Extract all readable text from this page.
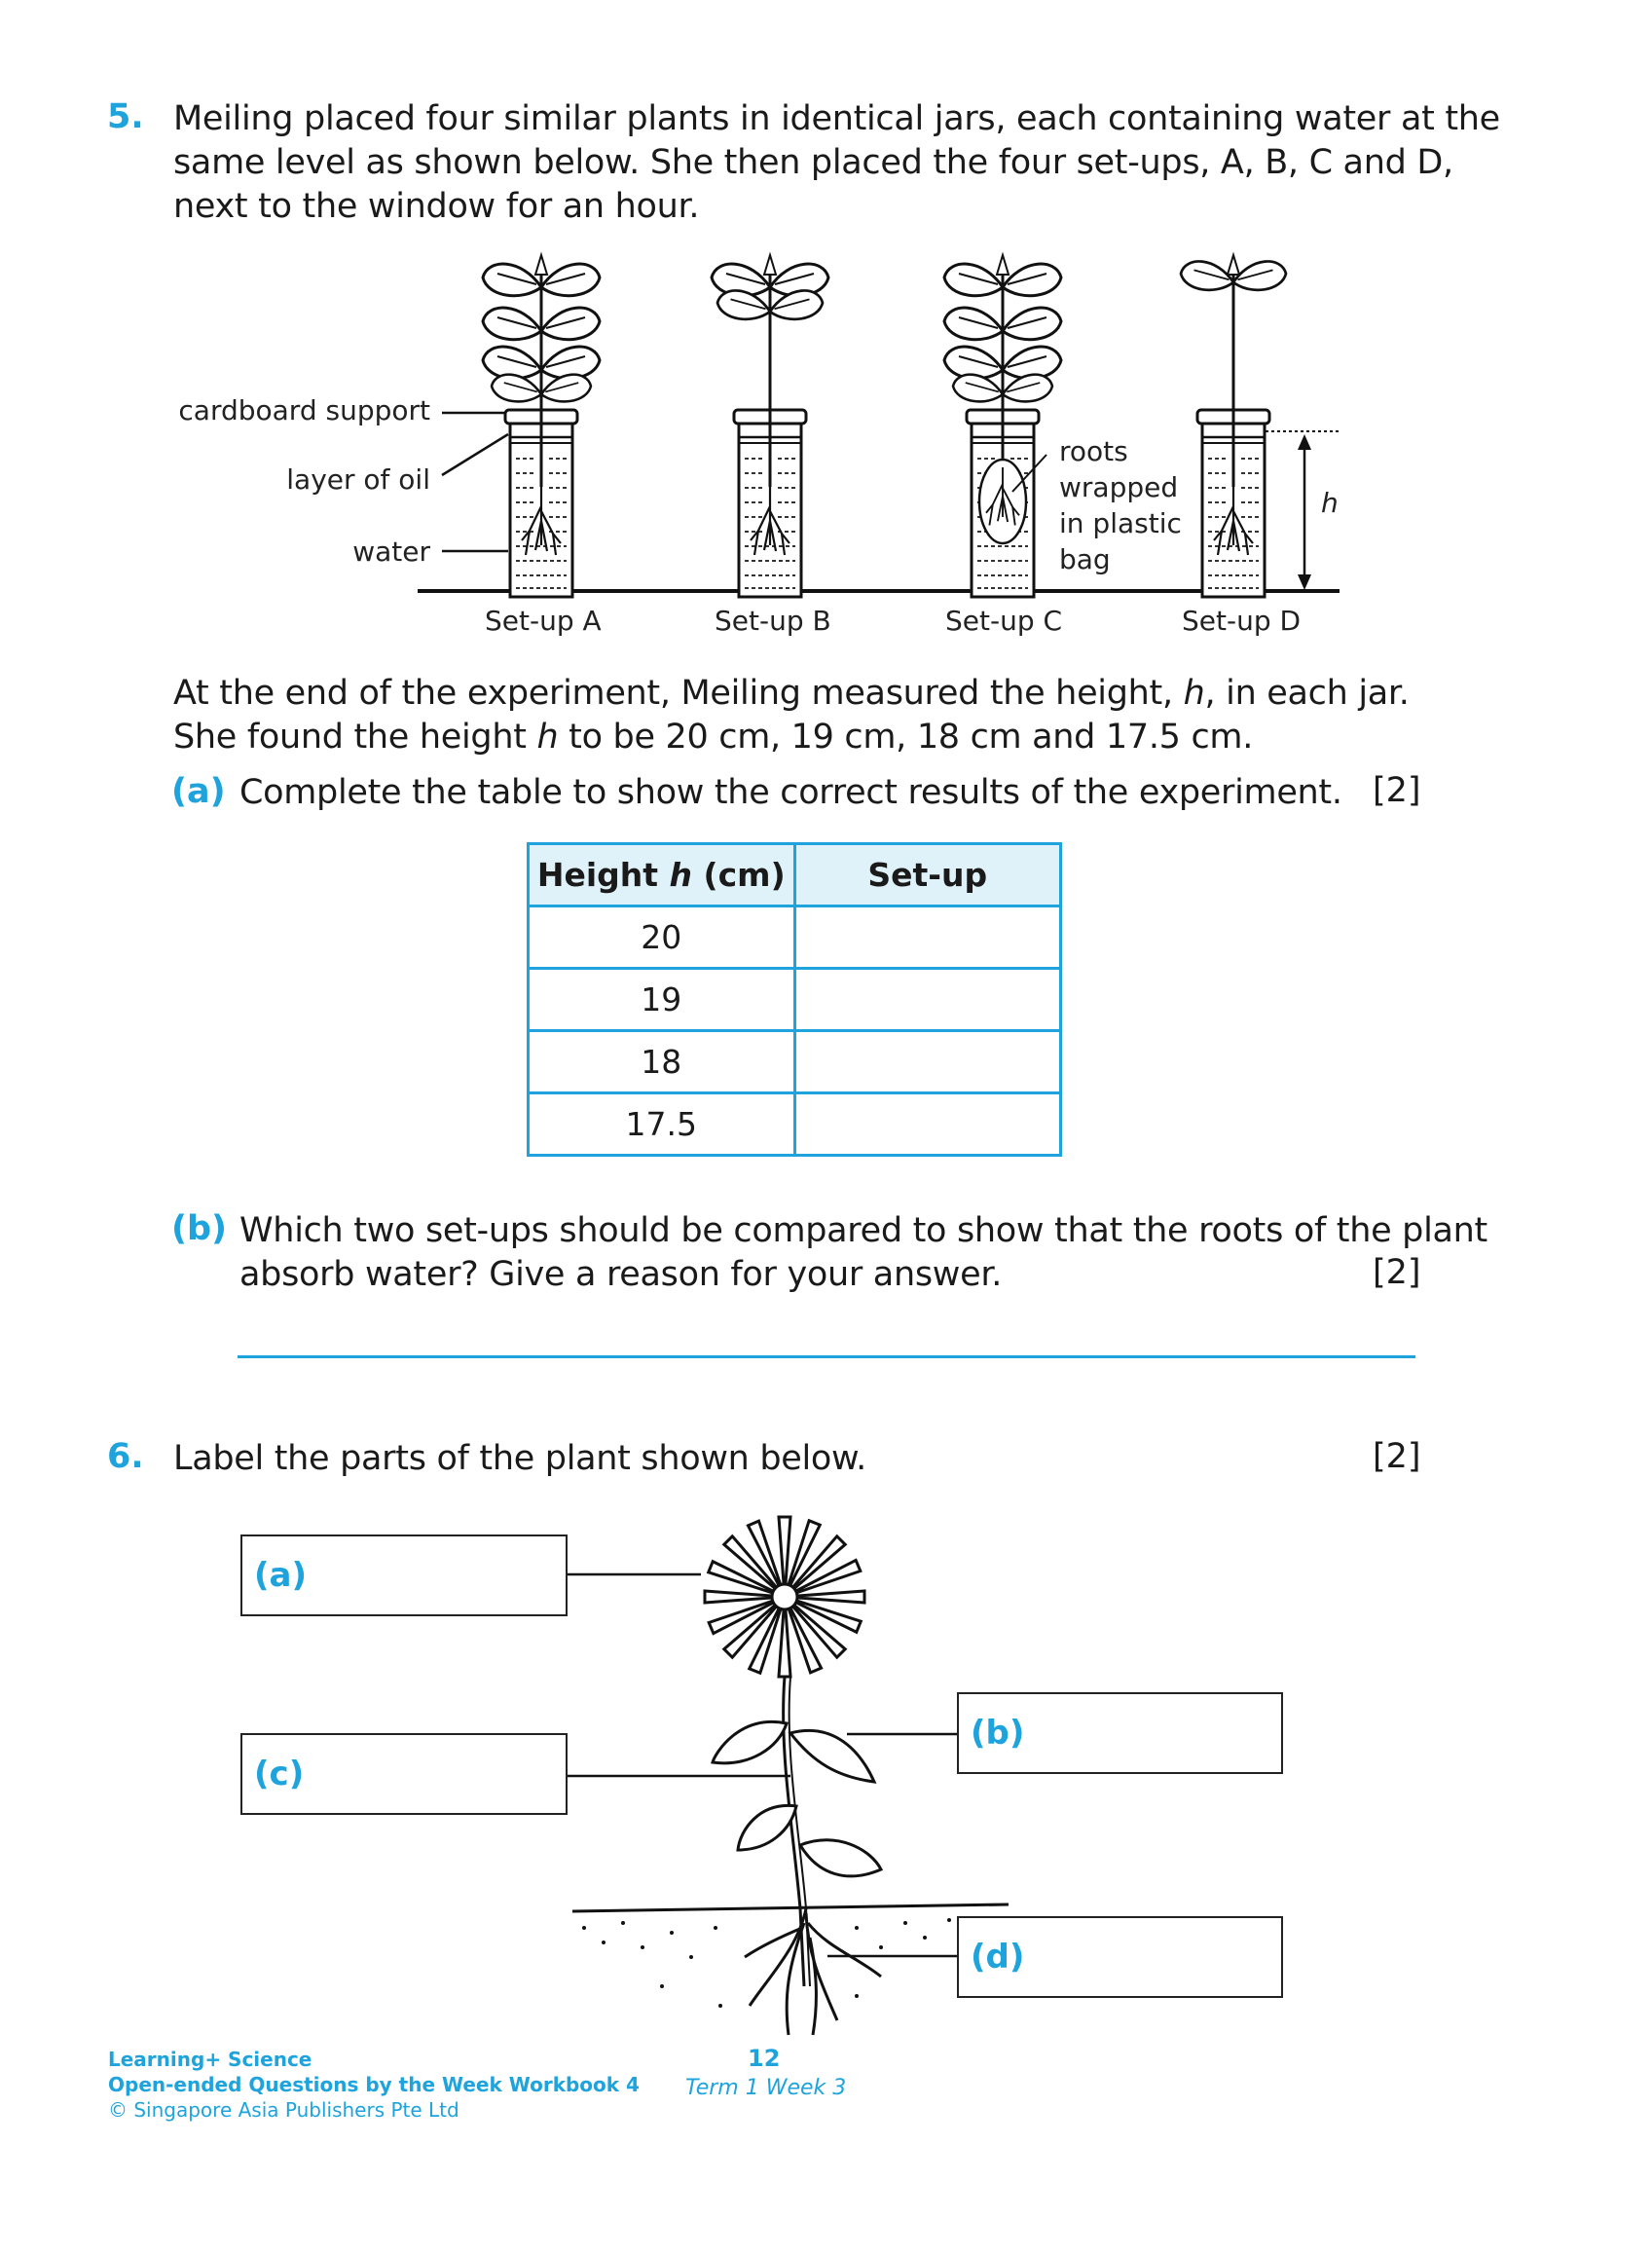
5. Meiling placed four similar plants in identical jars, each containing water at the
same level as shown below. She then placed the four set-ups, A, B, C and D,
next to the window for an hour.
cardboard support
layer of oil
water
roots
wrapped
in plastic
bag
h
Set-up A	Set-up B	Set-up C	Set-up D
At the end of the experiment, Meiling measured the height, h, in each jar.
She found the height h to be 20 cm, 19 cm, 18 cm and 17.5 cm.
(a) Complete the table to show the correct results of the experiment. [2]
Height h (cm)	Set-up
20	
19	
18	
17.5	
(b) Which two set-ups should be compared to show that the roots of the plant
absorb water? Give a reason for your answer.	[2]
6. Label the parts of the plant shown below.	[2]
(a)
(b)
(c)
(d)
Learning+ Science
Open-ended Questions by the Week Workbook 4
© Singapore Asia Publishers Pte Ltd
12
Term 1 Week 3
